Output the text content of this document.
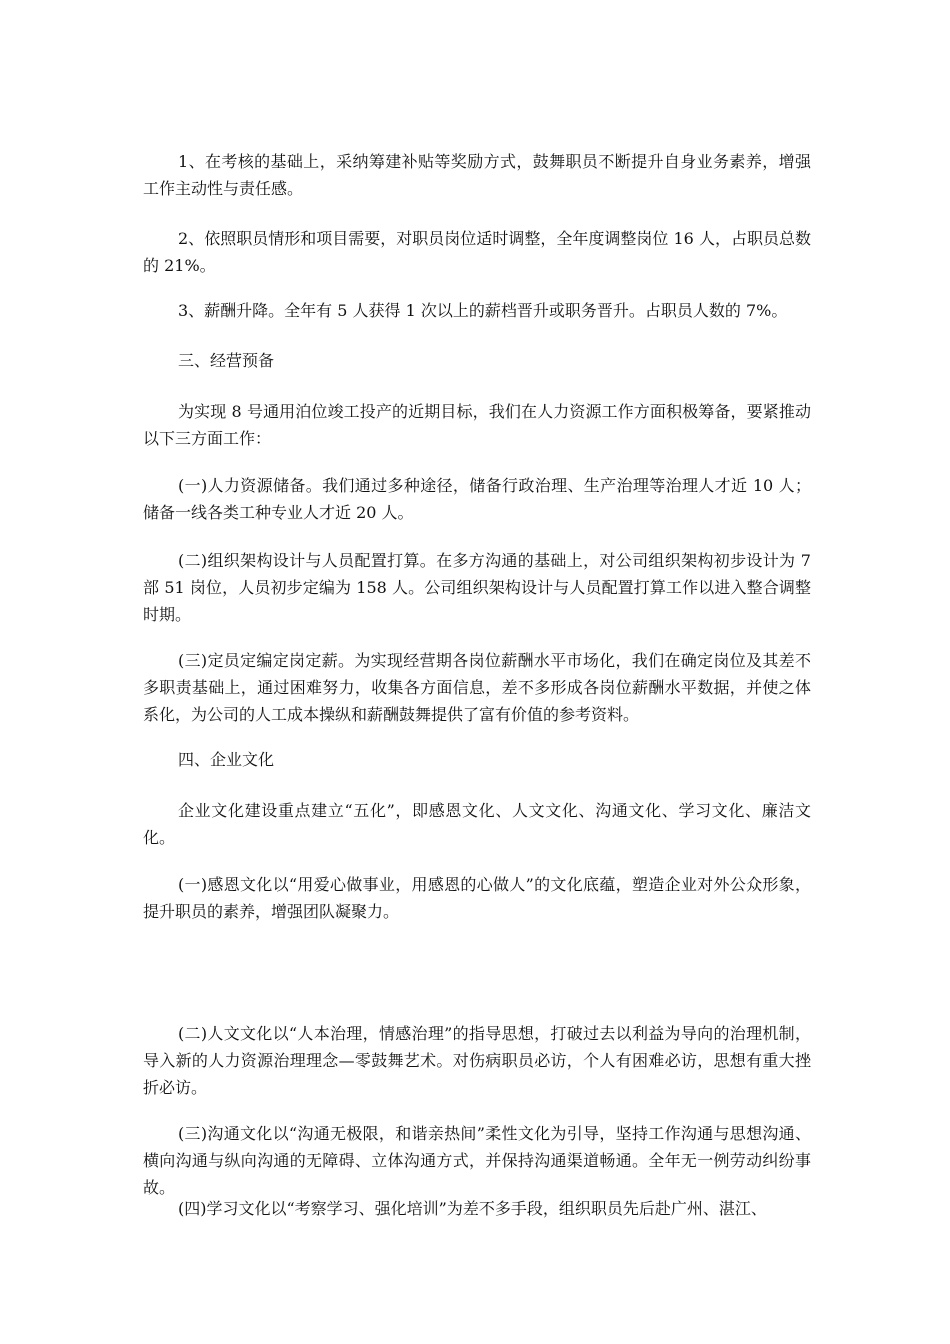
1、在考核的基础上，采纳筹建补贴等奖励方式，鼓舞职员不断提升自身业务素养，增强工作主动性与责任感。

2、依照职员情形和项目需要，对职员岗位适时调整，全年度调整岗位 16 人，占职员总数的 21%。

3、薪酬升降。全年有 5 人获得 1 次以上的薪档晋升或职务晋升。占职员人数的 7%。

三、经营预备

为实现 8 号通用泊位竣工投产的近期目标，我们在人力资源工作方面积极筹备，要紧推动以下三方面工作：

(一)人力资源储备。我们通过多种途径，储备行政治理、生产治理等治理人才近 10 人；储备一线各类工种专业人才近 20 人。

(二)组织架构设计与人员配置打算。在多方沟通的基础上，对公司组织架构初步设计为 7 部 51 岗位，人员初步定编为 158 人。公司组织架构设计与人员配置打算工作以进入整合调整时期。

(三)定员定编定岗定薪。为实现经营期各岗位薪酬水平市场化，我们在确定岗位及其差不多职责基础上，通过困难努力，收集各方面信息，差不多形成各岗位薪酬水平数据，并使之体系化，为公司的人工成本操纵和薪酬鼓舞提供了富有价值的参考资料。

四、企业文化

企业文化建设重点建立“五化”，即感恩文化、人文文化、沟通文化、学习文化、廉洁文化。

(一)感恩文化以“用爱心做事业，用感恩的心做人”的文化底蕴，塑造企业对外公众形象，提升职员的素养，增强团队凝聚力。

(二)人文文化以“人本治理，情感治理”的指导思想，打破过去以利益为导向的治理机制，导入新的人力资源治理理念—零鼓舞艺术。对伤病职员必访，个人有困难必访，思想有重大挫折必访。

(三)沟通文化以“沟通无极限，和谐亲热间”柔性文化为引导，坚持工作沟通与思想沟通、横向沟通与纵向沟通的无障碍、立体沟通方式，并保持沟通渠道畅通。全年无一例劳动纠纷事故。

(四)学习文化以“考察学习、强化培训”为差不多手段，组织职员先后赴广州、湛江、
